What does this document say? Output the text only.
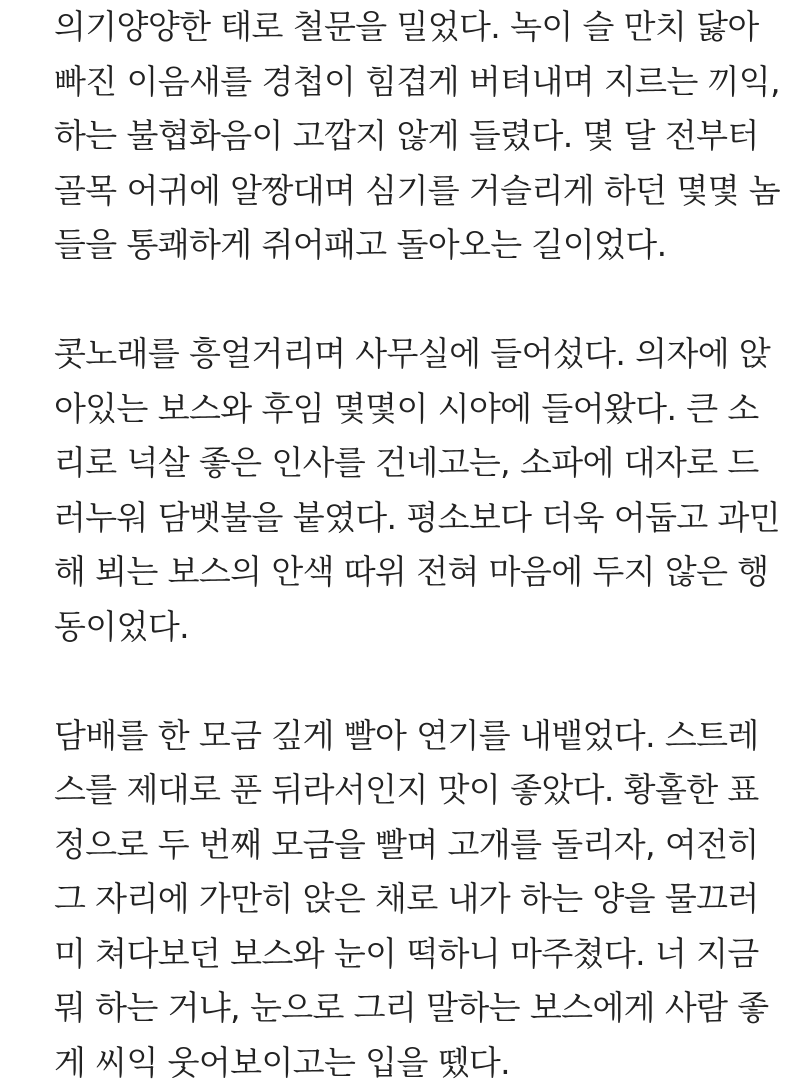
의기양양한 태로 철문을 밀었다. 녹이 슬 만치 닳아
빠진 이음새를 경첩이 힘겹게 버텨내며 지르는 끼익,
하는 불협화음이 고깝지 않게 들렸다. 몇 달 전부터
골목 어귀에 알짱대며 심기를 거슬리게 하던 몇몇 놈
들을 통쾌하게 쥐어패고 돌아오는 길이었다.
콧노래를 흥얼거리며 사무실에 들어섰다. 의자에 앉
아있는 보스와 후임 몇몇이 시야에 들어왔다. 큰 소
리로 넉살 좋은 인사를 건네고는, 소파에 대자로 드
러누워 담뱃불을 붙였다. 평소보다 더욱 어둡고 과민
해 뵈는 보스의 안색 따위 전혀 마음에 두지 않은 행
동이었다.
담배를 한 모금 깊게 빨아 연기를 내뱉었다. 스트레
스를 제대로 푼 뒤라서인지 맛이 좋았다. 황홀한 표
정으로 두 번째 모금을 빨며 고개를 돌리자, 여전히
그 자리에 가만히 앉은 채로 내가 하는 양을 물끄러
미 쳐다보던 보스와 눈이 떡하니 마주쳤다. 너 지금
뭐 하는 거냐, 눈으로 그리 말하는 보스에게 사람 좋
게 씨익 웃어보이고는 입을 뗐다.
